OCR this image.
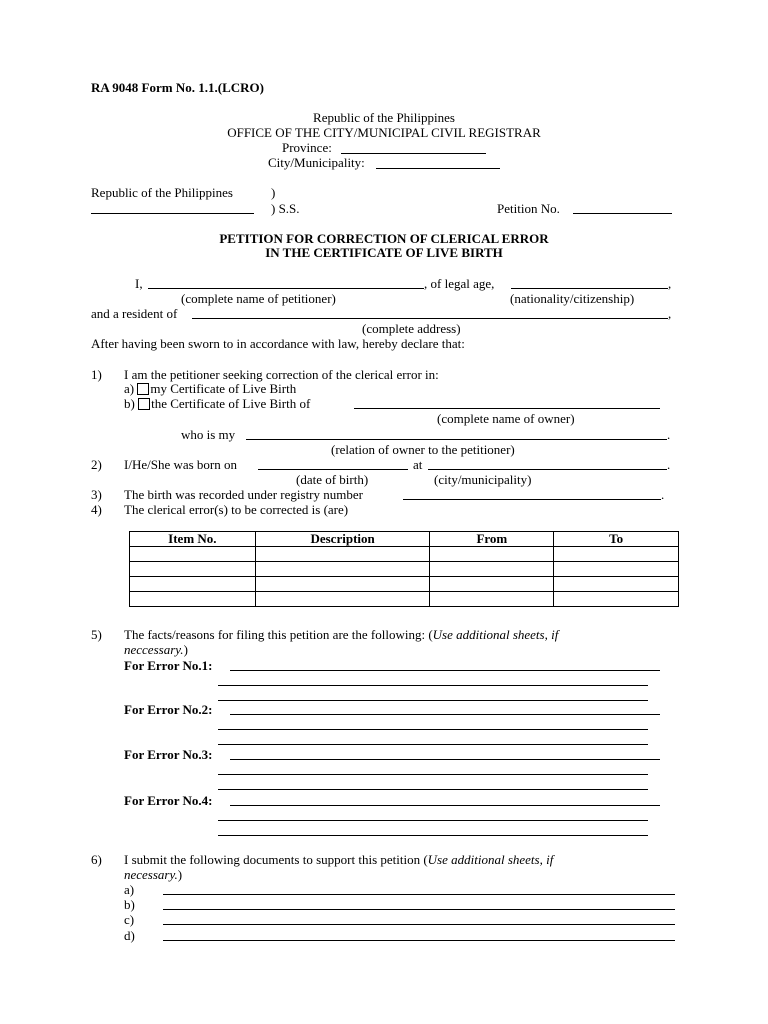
RA 9048 Form No. 1.1.(LCRO)
Republic of the Philippines
OFFICE OF THE CITY/MUNICIPAL CIVIL REGISTRAR
Province:
City/Municipality:
Republic of the Philippines	)
) S.S.	Petition No.
PETITION FOR CORRECTION OF CLERICAL ERROR
IN THE CERTIFICATE OF LIVE BIRTH
I,	, of legal age,	,
(complete name of petitioner)	(nationality/citizenship)
and a resident of	,
(complete address)
After having been sworn to in accordance with law, hereby declare that:
1) I am the petitioner seeking correction of the clerical error in:
a) my Certificate of Live Birth
b) the Certificate of Live Birth of
(complete name of owner)
who is my	.
(relation of owner to the petitioner)
2) I/He/She was born on	at	.
(date of birth)	(city/municipality)
3) The birth was recorded under registry number	.
4) The clerical error(s) to be corrected is (are)
Item No.	Description	From	To

5) The facts/reasons for filing this petition are the following: (Use additional sheets, if
neccessary.)
For Error No.1:
For Error No.2:
For Error No.3:
For Error No.4:
6) I submit the following documents to support this petition (Use additional sheets, if
necessary.)
a)
b)
c)
d)
